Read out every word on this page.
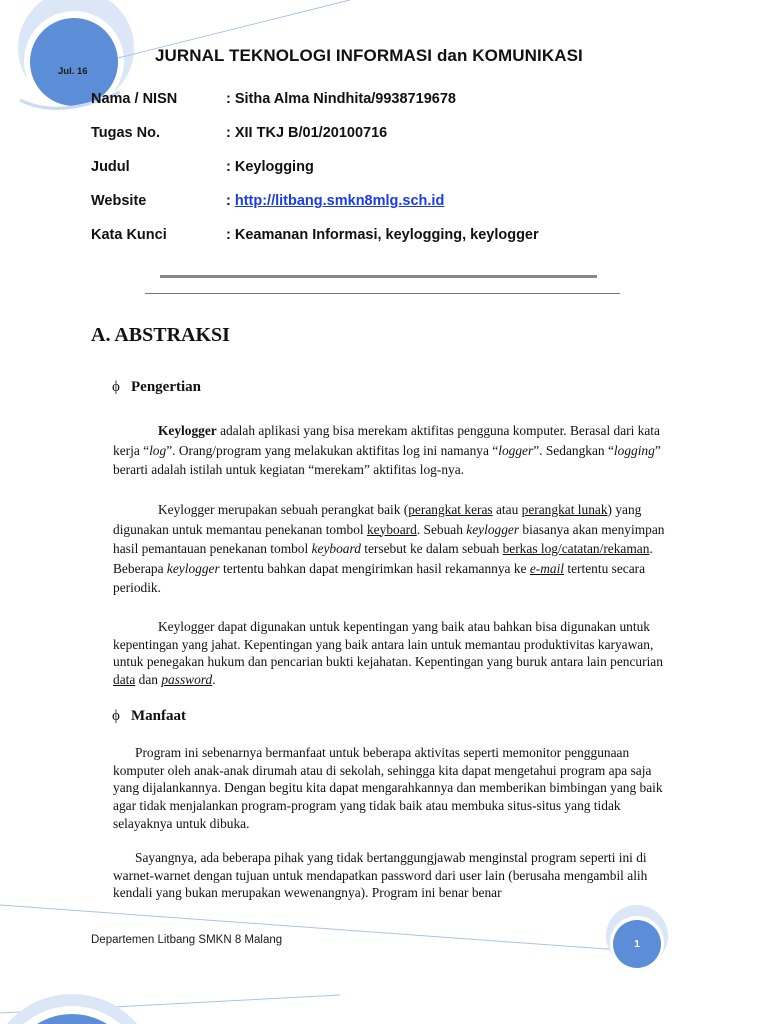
Jul. 16
JURNAL TEKNOLOGI INFORMASI dan KOMUNIKASI
Nama / NISN	: Sitha Alma Nindhita/9938719678
Tugas No.	: XII TKJ B/01/20100716
Judul	: Keylogging
Website	: http://litbang.smkn8mlg.sch.id
Kata Kunci	: Keamanan Informasi, keylogging, keylogger
A. ABSTRAKSI
ϕ Pengertian

Keylogger adalah aplikasi yang bisa merekam aktifitas pengguna komputer. Berasal dari kata kerja “log”. Orang/program yang melakukan aktifitas log ini namanya “logger”. Sedangkan “logging” berarti adalah istilah untuk kegiatan “merekam” aktifitas log-nya.

Keylogger merupakan sebuah perangkat baik (perangkat keras atau perangkat lunak) yang digunakan untuk memantau penekanan tombol keyboard. Sebuah keylogger biasanya akan menyimpan hasil pemantauan penekanan tombol keyboard tersebut ke dalam sebuah berkas log/catatan/rekaman. Beberapa keylogger tertentu bahkan dapat mengirimkan hasil rekamannya ke e-mail tertentu secara periodik.

Keylogger dapat digunakan untuk kepentingan yang baik atau bahkan bisa digunakan untuk kepentingan yang jahat. Kepentingan yang baik antara lain untuk memantau produktivitas karyawan, untuk penegakan hukum dan pencarian bukti kejahatan. Kepentingan yang buruk antara lain pencurian data dan password.

ϕ Manfaat

Program ini sebenarnya bermanfaat untuk beberapa aktivitas seperti memonitor penggunaan komputer oleh anak-anak dirumah atau di sekolah, sehingga kita dapat mengetahui program apa saja yang dijalankannya. Dengan begitu kita dapat mengarahkannya dan memberikan bimbingan yang baik agar tidak menjalankan program-program yang tidak baik atau membuka situs-situs yang tidak selayaknya untuk dibuka.

Sayangnya, ada beberapa pihak yang tidak bertanggungjawab menginstal program seperti ini di warnet-warnet dengan tujuan untuk mendapatkan password dari user lain (berusaha mengambil alih kendali yang bukan merupakan wewenangnya). Program ini benar benar

Departemen Litbang SMKN 8 Malang	1
